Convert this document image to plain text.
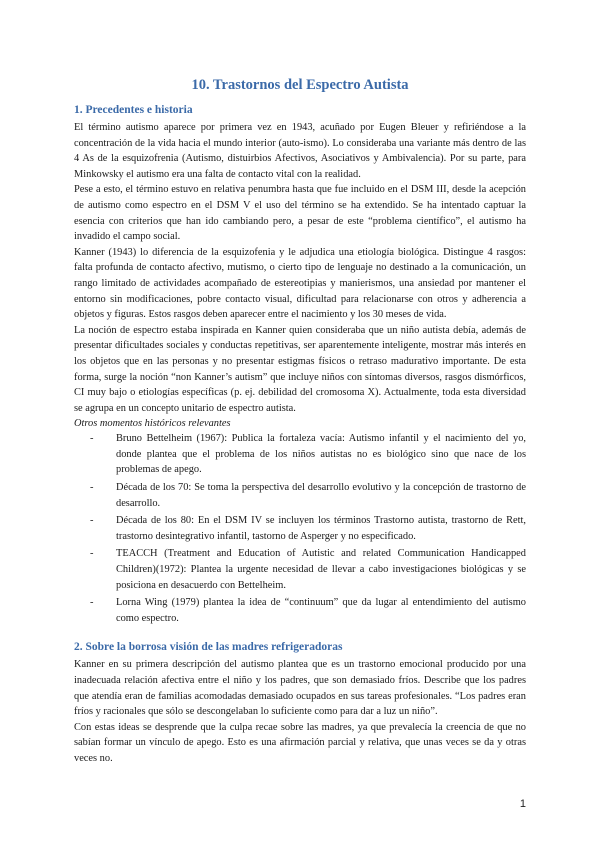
10. Trastornos del Espectro Autista
1. Precedentes e historia

El término autismo aparece por primera vez en 1943, acuñado por Eugen Bleuer y refiriéndose a la concentración de la vida hacia el mundo interior (auto-ismo). Lo consideraba una variante más dentro de las 4 As de la esquizofrenia (Autismo, distuirbios Afectivos, Asociativos y Ambivalencia). Por su parte, para Minkowsky el autismo era una falta de contacto vital con la realidad.

Pese a esto, el término estuvo en relativa penumbra hasta que fue incluido en el DSM III, desde la acepción de autismo como espectro en el DSM V el uso del término se ha extendido. Se ha intentado captuar la esencia con criterios que han ido cambiando pero, a pesar de este “problema científico”, el autismo ha invadido el campo social.

Kanner (1943) lo diferencia de la esquizofenia y le adjudica una etiología biológica. Distingue 4 rasgos: falta profunda de contacto afectivo, mutismo, o cierto tipo de lenguaje no destinado a la comunicación, un rango limitado de actividades acompañado de estereotipias y manierismos, una ansiedad por mantener el entorno sin modificaciones, pobre contacto visual, dificultad para relacionarse con otros y adherencia a objetos y figuras. Estos rasgos deben aparecer entre el nacimiento y los 30 meses de vida.

La noción de espectro estaba inspirada en Kanner quien consideraba que un niño autista debía, además de presentar dificultades sociales y conductas repetitivas, ser aparentemente inteligente, mostrar más interés en los objetos que en las personas y no presentar estigmas físicos o retraso madurativo importante. De esta forma, surge la noción “non Kanner’s autism” que incluye niños con síntomas diversos, rasgos dismórficos, CI muy bajo o etiologías específicas (p. ej. debilidad del cromosoma X). Actualmente, toda esta diversidad se agrupa en un concepto unitario de espectro autista.

Otros momentos históricos relevantes
- Bruno Bettelheim (1967): Publica la fortaleza vacía: Autismo infantil y el nacimiento del yo, donde plantea que el problema de los niños autistas no es biológico sino que nace de los problemas de apego.
- Década de los 70: Se toma la perspectiva del desarrollo evolutivo y la concepción de trastorno de desarrollo.
- Década de los 80: En el DSM IV se incluyen los términos Trastorno autista, trastorno de Rett, trastorno desintegrativo infantil, tastorno de Asperger y no especificado.
- TEACCH (Treatment and Education of Autistic and related Communication Handicapped Children)(1972): Plantea la urgente necesidad de llevar a cabo investigaciones biológicas y se posiciona en desacuerdo con Bettelheim.
- Lorna Wing (1979) plantea la idea de “continuum” que da lugar al entendimiento del autismo como espectro.
2. Sobre la borrosa visión de las madres refrigeradoras

Kanner en su primera descripción del autismo plantea que es un trastorno emocional producido por una inadecuada relación afectiva entre el niño y los padres, que son demasiado fríos. Describe que los padres que atendía eran de familias acomodadas demasiado ocupados en sus tareas profesionales. “Los padres eran fríos y racionales que sólo se descongelaban lo suficiente como para dar a luz un niño”.

Con estas ideas se desprende que la culpa recae sobre las madres, ya que prevalecía la creencia de que no sabían formar un vínculo de apego. Esto es una afirmación parcial y relativa, que unas veces se da y otras veces no.

1
